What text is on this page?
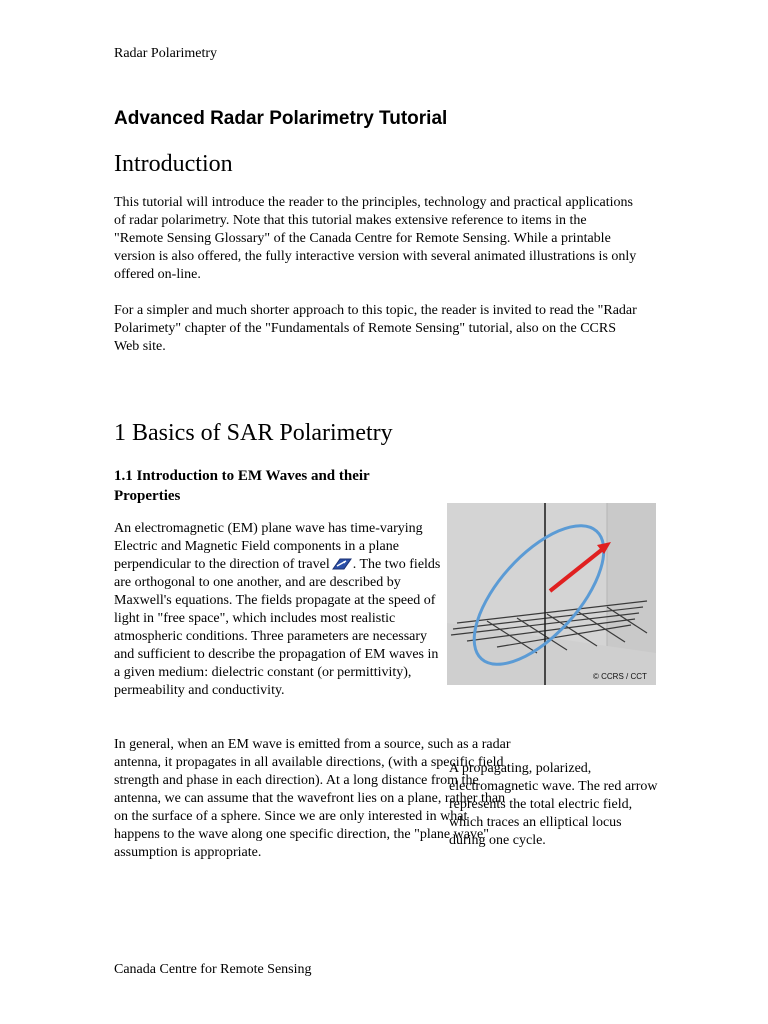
Radar Polarimetry
Advanced Radar Polarimetry Tutorial
Introduction

This tutorial will introduce the reader to the principles, technology and practical applications of radar polarimetry. Note that this tutorial makes extensive reference to items in the "Remote Sensing Glossary" of the Canada Centre for Remote Sensing. While a printable version is also offered, the fully interactive version with several animated illustrations is only offered on-line.

For a simpler and much shorter approach to this topic, the reader is invited to read the "Radar Polarimety" chapter of the "Fundamentals of Remote Sensing" tutorial, also on the CCRS Web site.

1 Basics of SAR Polarimetry
1.1 Introduction to EM Waves and their Properties

An electromagnetic (EM) plane wave has time-varying Electric and Magnetic Field components in a plane perpendicular to the direction of travel . The two fields are orthogonal to one another, and are described by Maxwell's equations. The fields propagate at the speed of light in "free space", which includes most realistic atmospheric conditions. Three parameters are necessary and sufficient to describe the propagation of EM waves in a given medium: dielectric constant (or permittivity), permeability and conductivity.

In general, when an EM wave is emitted from a source, such as a radar antenna, it propagates in all available directions, (with a specific field strength and phase in each direction). At a long distance from the antenna, we can assume that the wavefront lies on a plane, rather than on the surface of a sphere. Since we are only interested in what happens to the wave along one specific direction, the "plane wave" assumption is appropriate.

© CCRS / CCT

A propagating, polarized, electromagnetic wave. The red arrow represents the total electric field, which traces an elliptical locus during one cycle.

Canada Centre for Remote Sensing
